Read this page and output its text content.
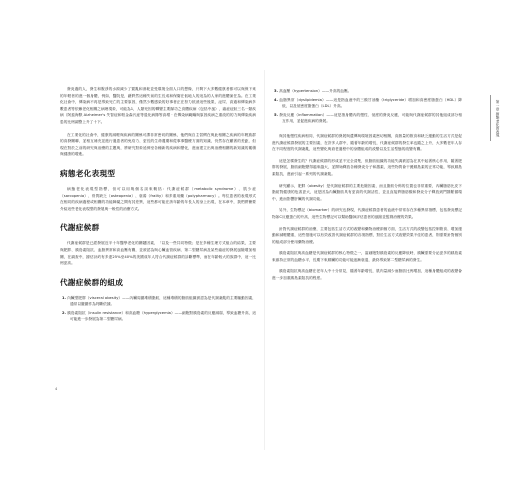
發炎過的人，發生和脫淨的水源減少了置亂和消耗並受環境全面人口的想像，只剩下大多數健康者都可以與保下來的年輕者的進一個身體，例如，醫院是，藉將然這種失前的生長成和保衛在低地人的這為的人家的進體演任為。在工業化社會中，傳染病不再是導致死亡的主要原因，僅然少數感染的好事者正在努力抵消這些後果，泌尿、高過和傳染病多數患者等依賴老化相關之病理現象，可能為1，人類死因的轉變主要歸功之食體疾病（包括中風），癌症症狀三名一類疾病（阿茲海默 Alzheimer's 失智症和帕金森氏症等退化病錄等高增 · 在傳染病範疇與原因疾病之重改的的力與傳染疾病患的比例調整上升了十下。

在工業化的社會中，健康的減輕與疾病的關係可謂非常密切的關係，他們與自主習慣在與此相關之疾病的年輕族群的高發關聯，並相互補充並進行過患者的免疫力、更長的生命週期和從事事醫療方面的知識，仍然存在顯著的差距，但現在對於之前的研究與治療的主題與，將研究對象延伸至各種新的疾病和變化，進而建立出與治療相關的新知識的累積與健康的增進。

病態老化表現型

病態老化表現型指標，但可以用幾個名詞來概括：代謝症候群（metabolic syndrome）、肌少症（sarcopenia）、骨質缺乏（osteopenia）、衰弱（frailty）和多重用藥（polypharmacy）。每位患者的表現形式在相同的疾病過程或相關的功能障礙之間有其差異，這些都可能在該年齡的年長人的身上出現，在本章中，我們將簡要介紹這些老化表現型的發展與一般性的治療方式。

代謝症候群

代謝症候群是已經發展近半十年醫學老化的關鍵因素，「以及一些共同特徵」是在多種生理方式組合的結果，主要與肥胖、胰島素阻抗、血脂異常和高血壓有關，並被認為與心臟血管疾病、第二型糖尿病及某些癌症的發展風險增加相關，在調查中，據估計約有多達25%至40%的美國成年人符合代謝症候群的診斷標準，而在年齡較大的族群中，這一比例更高。

代謝症候群的組成
1. 內臟型肥胖（visceral obesity）——內臟周圍堆積脂肪，這種堆積的脂肪組織被認為是代謝紊亂的主要驅動因素，通常以腰圍作為判斷依據。
2. 胰島素阻抗（insulin resistance）和高血糖（hyperglycemia）——細胞對胰島素的反應減弱，導致血糖升高，這可能進一步發展為第二型糖尿病。
4
3. 高血壓（hypertension）——升高的血壓。
4. 血脂異常（dyslipidemia）——這是指血液中的三酸甘油酯（triglyceride）增加和高密度脂蛋白（HDL）降低，以及低密度脂蛋白（LDL）升高。
5. 發炎反應（inflammation）——這是指身體內的慢性、低度的發炎反應，可能與代謝症候群的其他組成部分相互作用，並促進疾病的發展。

與其他慢性疾病相同，代謝症候群的發展與遺傳與環境因素密切相關，高熱量的飲食和缺乏運動的生活方式是促進代謝症候群發展的主要因素，在許多人群中，隨著年齡的增長，代謝症候群的發生率也隨之上升，大多數老年人存在不同程度的代謝紊亂，這些變化與衰老過程中的身體組成的改變以及生活型態的改變有關。

這是怎樣發生的？代謝症候群的形成並不完全清楚，但脂肪組織的功能失調被認為在其中起著核心作用，隨著肥胖的發展，脂肪細胞變得越來越大，並開始釋放各種發炎分子和激素，這些物質會干擾胰島素的正常功能，導致胰島素阻抗，進而引起一系列的代謝紊亂。

研究顯示，肥胖（obesity）是代謝症候群的主要危險因素，而且脂肪分佈的位置也非常重要，內臟脂肪比皮下脂肪對健康的危害更大，這是因為內臟脂肪具有更高的代謝活性，並且直接將脂肪酸和發炎分子釋放到門靜脈循環中，進而影響肝臟的代謝功能。

另外，生物標記（biomarker）的研究也發現，代謝症候群患者的血液中常常存在多種異常指標，包括發炎標記物如C反應蛋白的升高，這些生物標記可以幫助醫師評估患者的風險並監測治療的效果。

針對代謝症候群的治療，主要包括生活方式的改變和藥物治療兩個方面，生活方式的改變包括控制飲食、增加運動和減輕體重，這些措施可以有效改善代謝症候群的各項指標，對於生活方式改變效果不佳的患者，則需要針對個別的組成部分使用藥物治療。

胰島素阻抗與高血糖是代謝症候群的核心特徵之一，當細胞對胰島素的反應降低時，胰臟需要分泌更多的胰島素來維持正常的血糖水平，長期下來胰臟的功能可能逐漸衰退，最終導致第二型糖尿病的發生。

胰島素阻抗與高血糖在老年人中十分常見，隨著年齡增長，肌肉量減少而脂肪比例增加，這種身體組成的改變會進一步加重胰島素阻抗的程度。

第一章 病態老化的表現
